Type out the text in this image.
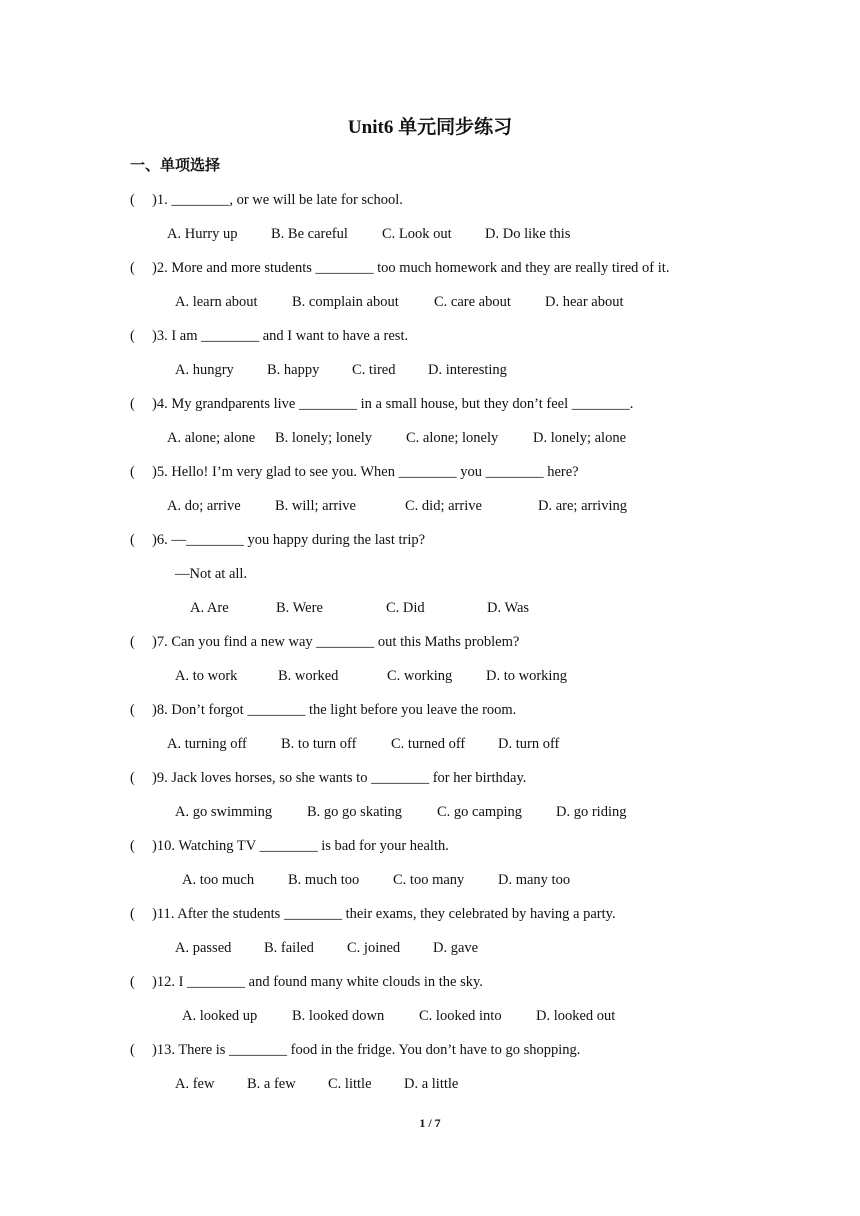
Unit6 单元同步练习
一、单项选择
( )1. ________, or we will be late for school.
A. Hurry up B. Be careful C. Look out D. Do like this
( )2. More and more students ________ too much homework and they are really tired of it.
A. learn about B. complain about C. care about D. hear about
( )3. I am ________ and I want to have a rest.
A. hungry B. happy C. tired D. interesting
( )4. My grandparents live ________ in a small house, but they don’t feel ________.
A. alone; alone B. lonely; lonely C. alone; lonely D. lonely; alone
( )5. Hello! I’m very glad to see you. When ________ you ________ here?
A. do; arrive B. will; arrive	C. did; arrive	D. are; arriving
( )6. —________ you happy during the last trip?
—Not at all.
A. Are	B. Were	C. Did	D. Was
( )7. Can you find a new way ________ out this Maths problem?
A. to work	B. worked	C. working D. to working
( )8. Don’t forgot ________ the light before you leave the room.
A. turning off B. to turn off C. turned off D. turn off
( )9. Jack loves horses, so she wants to ________ for her birthday.
A. go swimming B. go go skating C. go camping D. go riding
( )10. Watching TV ________ is bad for your health.
A. too much B. much too C. too many D. many too
( )11. After the students ________ their exams, they celebrated by having a party.
A. passed B. failed C. joined D. gave
( )12. I ________ and found many white clouds in the sky.
A. looked up B. looked down C. looked into D. looked out
( )13. There is ________ food in the fridge. You don’t have to go shopping.
A. few B. a few C. little D. a little
1 / 7
